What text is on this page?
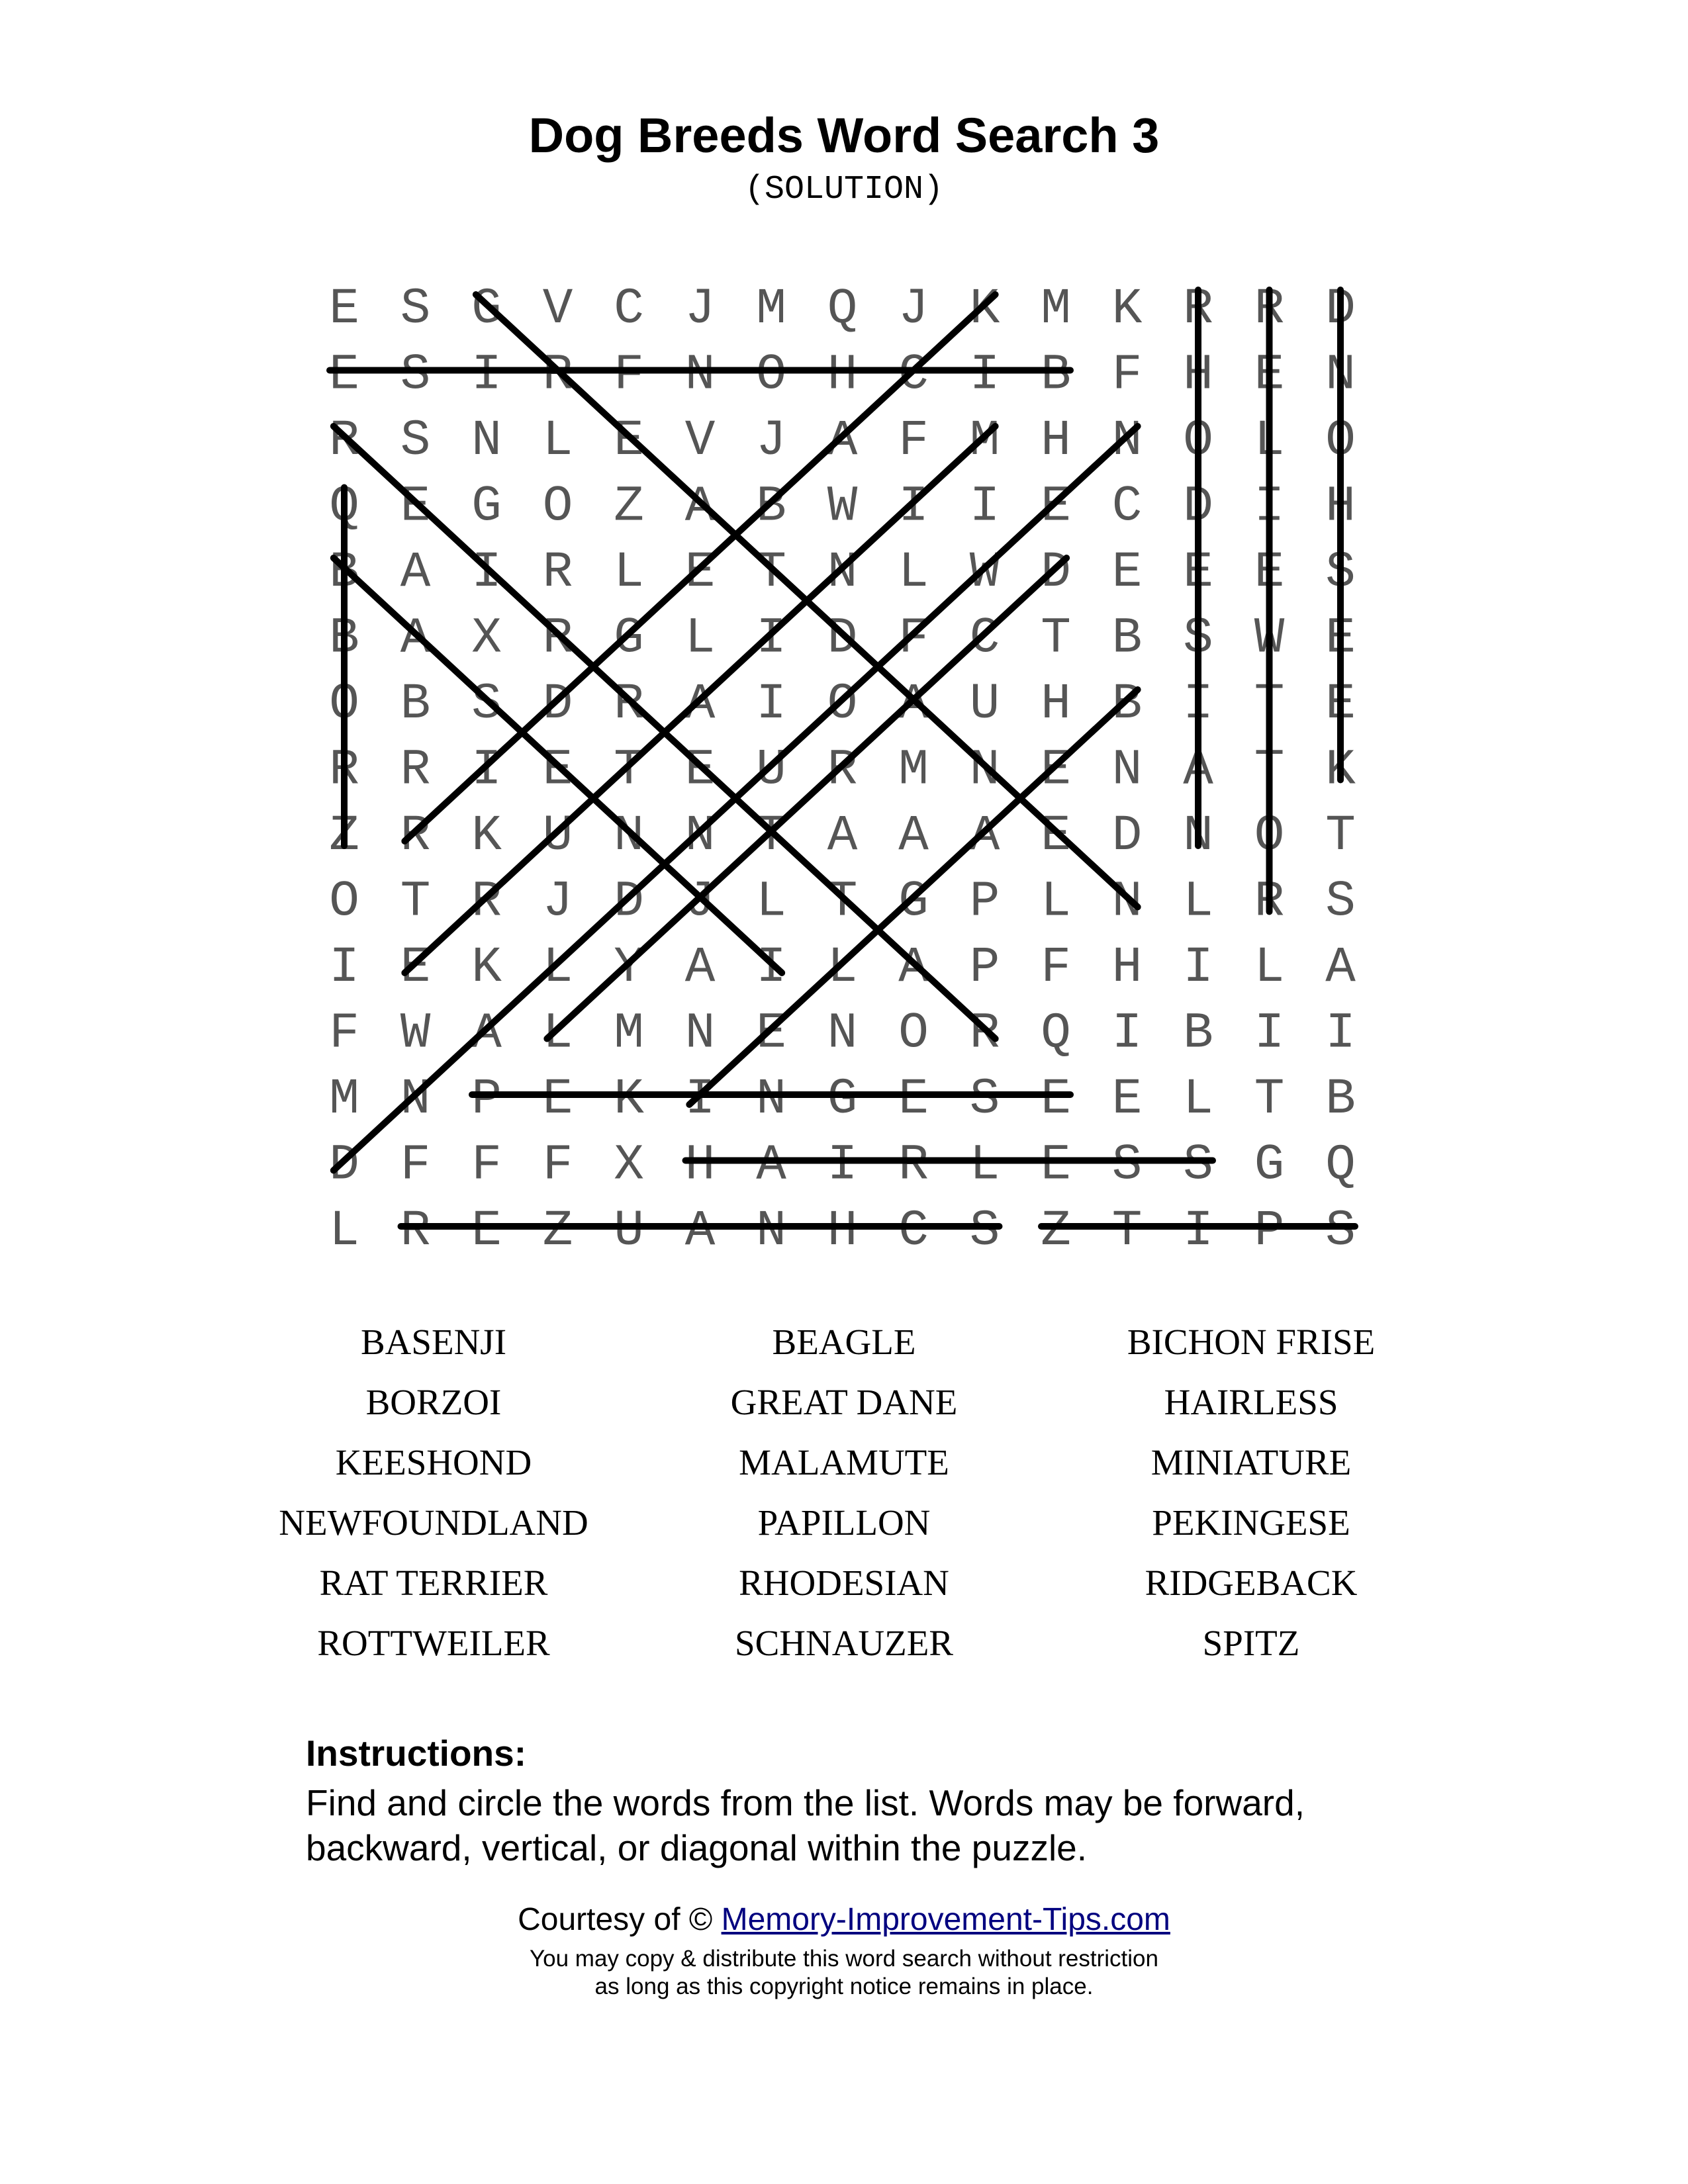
Dog Breeds Word Search 3
(SOLUTION)
E S G V C J M Q J K M K R R D
E S I R F N O H C I B F H E N
R S N L E V J A F M H N O L O
Q E G O Z A B W I I E C D I H
B A I R L E T N L W D E E E S
B A X R G L I D F C T B S W E
O B S D R A I O A U H B I T E
R R I E T E U R M N E N A T K
Z R K U N N T A A A E D N O T
O T R J D J L T G P L N L R S
I E K L Y A I L A P F H I L A
F W A L M N E N O R Q I B I I
M N P E K I N G E S E E L T B
D F F F X H A I R L E S S G Q
L R E Z U A N H C S Z T I P S
BASENJI	BEAGLE	BICHON FRISE
BORZOI	GREAT DANE	HAIRLESS
KEESHOND	MALAMUTE	MINIATURE
NEWFOUNDLAND	PAPILLON	PEKINGESE
RAT TERRIER	RHODESIAN	RIDGEBACK
ROTTWEILER	SCHNAUZER	SPITZ
Instructions:
Find and circle the words from the list. Words may be forward,
backward, vertical, or diagonal within the puzzle.
Courtesy of © Memory-Improvement-Tips.com
You may copy & distribute this word search without restriction
as long as this copyright notice remains in place.
